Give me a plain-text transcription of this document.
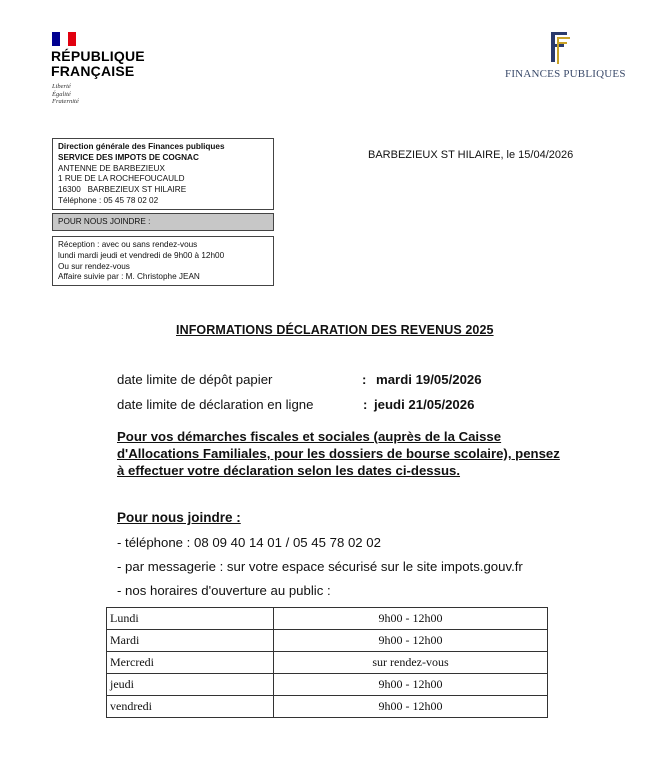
RÉPUBLIQUE
FRANÇAISE
Liberté
Égalité
Fraternité
FINANCES PUBLIQUES
Direction générale des Finances publiques
SERVICE DES IMPOTS DE COGNAC
ANTENNE DE BARBEZIEUX
1 RUE DE LA ROCHEFOUCAULD
16300   BARBEZIEUX ST HILAIRE
Téléphone : 05 45 78 02 02
POUR NOUS JOINDRE :
Réception : avec ou sans rendez-vous
lundi mardi jeudi et vendredi de 9h00 à 12h00
Ou sur rendez-vous
Affaire suivie par : M. Christophe JEAN
BARBEZIEUX ST HILAIRE, le 15/04/2026
INFORMATIONS DÉCLARATION DES REVENUS 2025
date limite de dépôt papier	: mardi 19/05/2026
date limite de déclaration en ligne	: jeudi 21/05/2026
Pour vos démarches fiscales et sociales (auprès de la Caisse
d'Allocations Familiales, pour les dossiers de bourse scolaire), pensez
à effectuer votre déclaration selon les dates ci-dessus.
Pour nous joindre :
- téléphone : 08 09 40 14 01 / 05 45 78 02 02
- par messagerie : sur votre espace sécurisé sur le site impots.gouv.fr
- nos horaires d'ouverture au public :
Lundi	9h00 - 12h00
Mardi	9h00 - 12h00
Mercredi	sur rendez-vous
jeudi	9h00 - 12h00
vendredi	9h00 - 12h00
